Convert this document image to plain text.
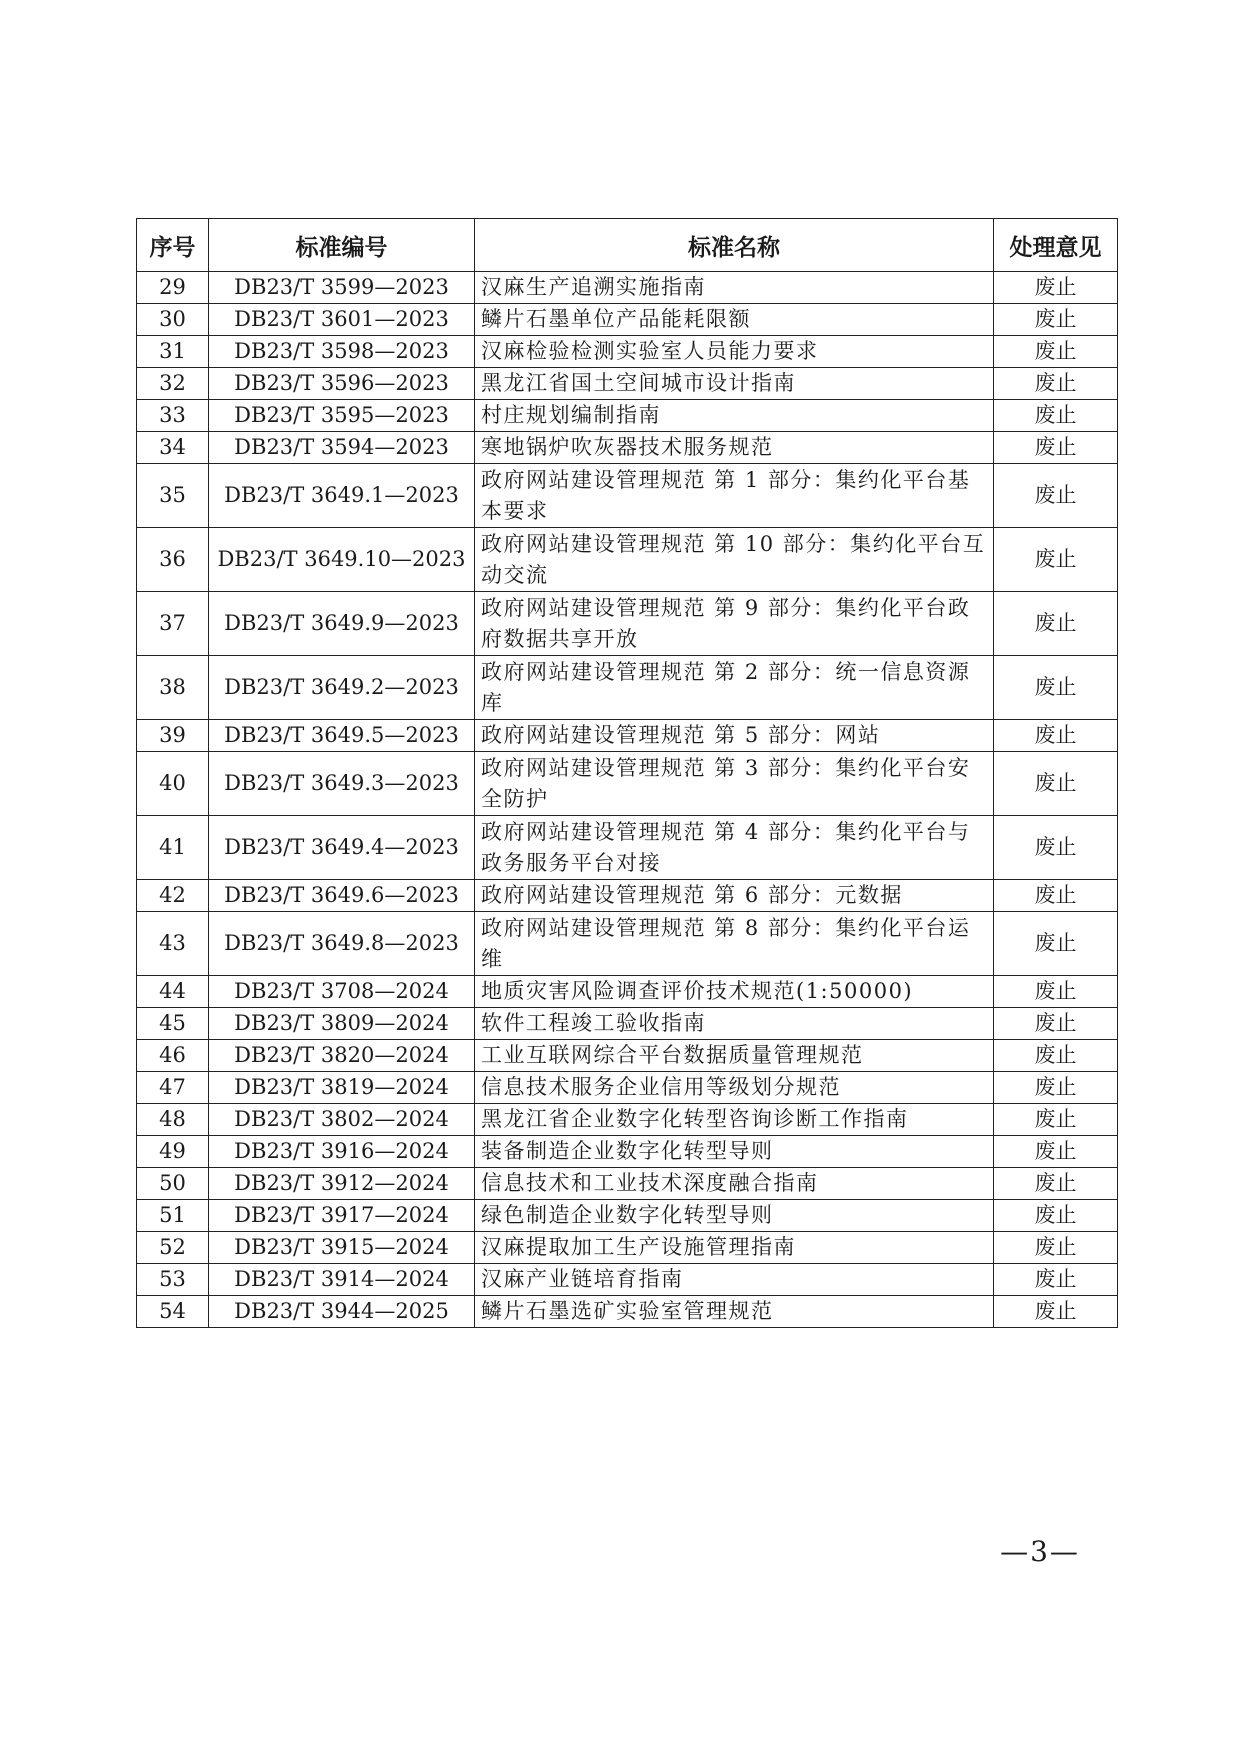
序号	标准编号	标准名称	处理意见
29	DB23/T 3599—2023	汉麻生产追溯实施指南	废止
30	DB23/T 3601—2023	鳞片石墨单位产品能耗限额	废止
31	DB23/T 3598—2023	汉麻检验检测实验室人员能力要求	废止
32	DB23/T 3596—2023	黑龙江省国土空间城市设计指南	废止
33	DB23/T 3595—2023	村庄规划编制指南	废止
34	DB23/T 3594—2023	寒地锅炉吹灰器技术服务规范	废止
35	DB23/T 3649.1—2023	政府网站建设管理规范 第 1 部分：集约化平台基本要求	废止
36	DB23/T 3649.10—2023	政府网站建设管理规范 第 10 部分：集约化平台互动交流	废止
37	DB23/T 3649.9—2023	政府网站建设管理规范 第 9 部分：集约化平台政府数据共享开放	废止
38	DB23/T 3649.2—2023	政府网站建设管理规范 第 2 部分：统一信息资源库	废止
39	DB23/T 3649.5—2023	政府网站建设管理规范 第 5 部分：网站	废止
40	DB23/T 3649.3—2023	政府网站建设管理规范 第 3 部分：集约化平台安全防护	废止
41	DB23/T 3649.4—2023	政府网站建设管理规范 第 4 部分：集约化平台与政务服务平台对接	废止
42	DB23/T 3649.6—2023	政府网站建设管理规范 第 6 部分：元数据	废止
43	DB23/T 3649.8—2023	政府网站建设管理规范 第 8 部分：集约化平台运维	废止
44	DB23/T 3708—2024	地质灾害风险调查评价技术规范(1:50000)	废止
45	DB23/T 3809—2024	软件工程竣工验收指南	废止
46	DB23/T 3820—2024	工业互联网综合平台数据质量管理规范	废止
47	DB23/T 3819—2024	信息技术服务企业信用等级划分规范	废止
48	DB23/T 3802—2024	黑龙江省企业数字化转型咨询诊断工作指南	废止
49	DB23/T 3916—2024	装备制造企业数字化转型导则	废止
50	DB23/T 3912—2024	信息技术和工业技术深度融合指南	废止
51	DB23/T 3917—2024	绿色制造企业数字化转型导则	废止
52	DB23/T 3915—2024	汉麻提取加工生产设施管理指南	废止
53	DB23/T 3914—2024	汉麻产业链培育指南	废止
54	DB23/T 3944—2025	鳞片石墨选矿实验室管理规范	废止
—3—
